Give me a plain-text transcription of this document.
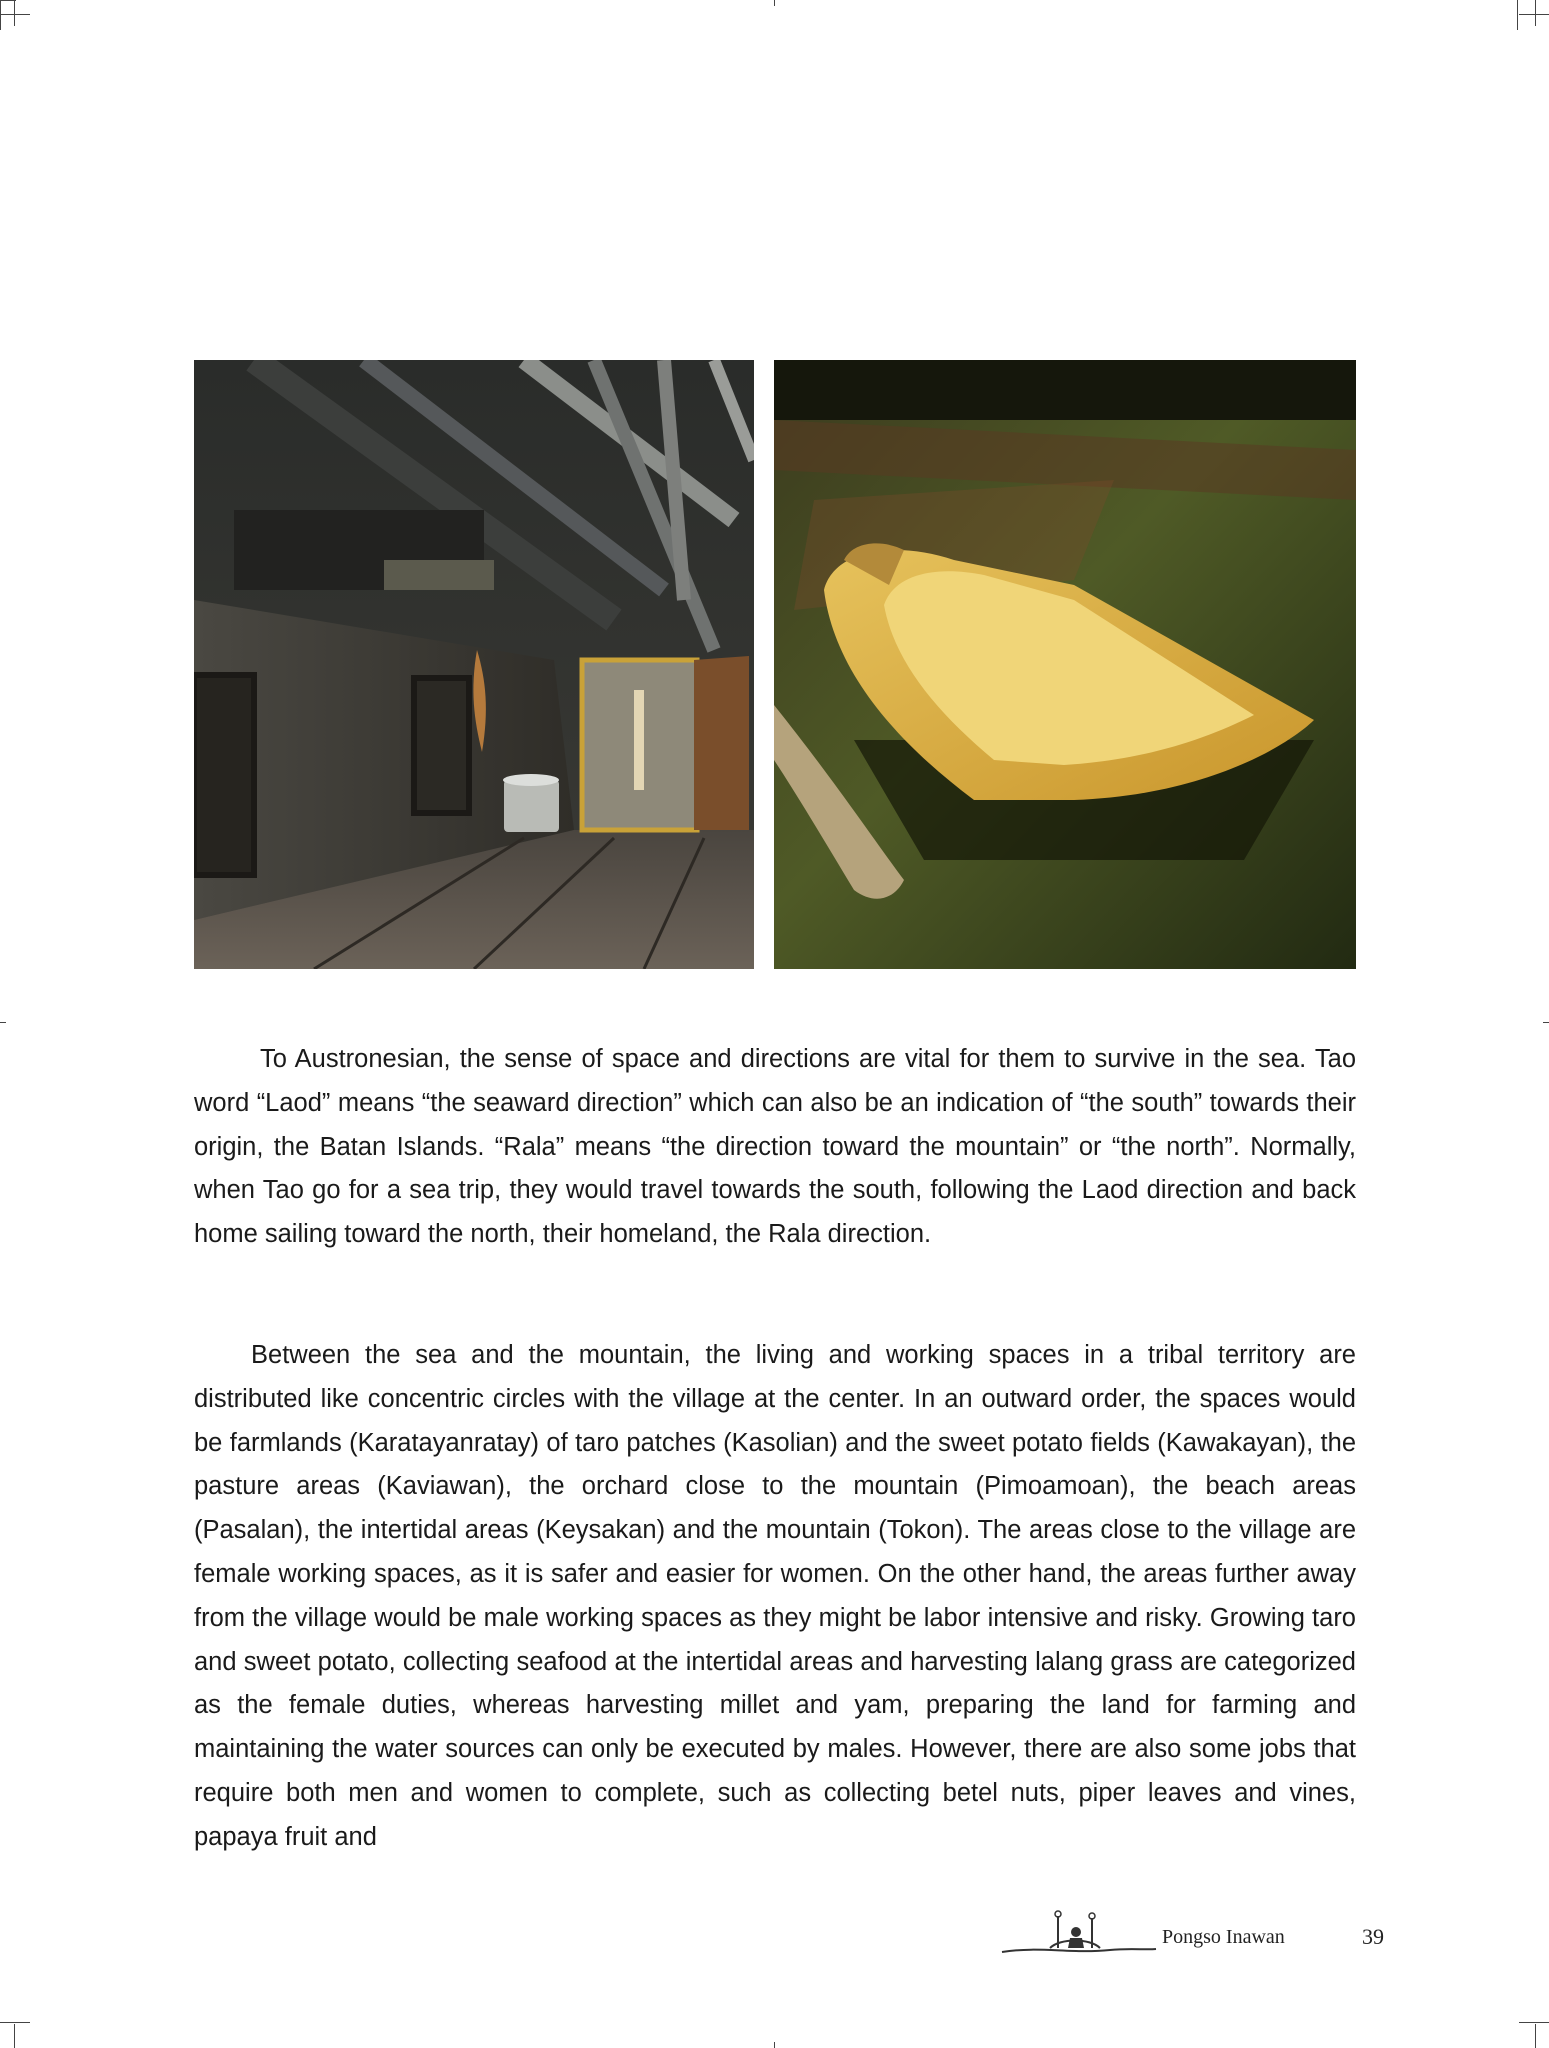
To Austronesian, the sense of space and directions are vital for them to survive in the sea. Tao word “Laod” means “the seaward direction” which can also be an indication of “the south” towards their origin, the Batan Islands. “Rala” means “the direction toward the mountain” or “the north”. Normally, when Tao go for a sea trip, they would travel towards the south, following the Laod direction and back home sailing toward the north, their homeland, the Rala direction.

Between the sea and the mountain, the living and working spaces in a tribal territory are distributed like concentric circles with the village at the center. In an outward order, the spaces would be farmlands (Karatayanratay) of taro patches (Kasolian) and the sweet potato fields (Kawakayan), the pasture areas (Kaviawan), the orchard close to the mountain (Pimoamoan), the beach areas (Pasalan), the intertidal areas (Keysakan) and the mountain (Tokon). The areas close to the village are female working spaces, as it is safer and easier for women. On the other hand, the areas further away from the village would be male working spaces as they might be labor intensive and risky. Growing taro and sweet potato, collecting seafood at the intertidal areas and harvesting lalang grass are categorized as the female duties, whereas harvesting millet and yam, preparing the land for farming and maintaining the water sources can only be executed by males. However, there are also some jobs that require both men and women to complete, such as collecting betel nuts, piper leaves and vines, papaya fruit and

Pongso Inawan	39
